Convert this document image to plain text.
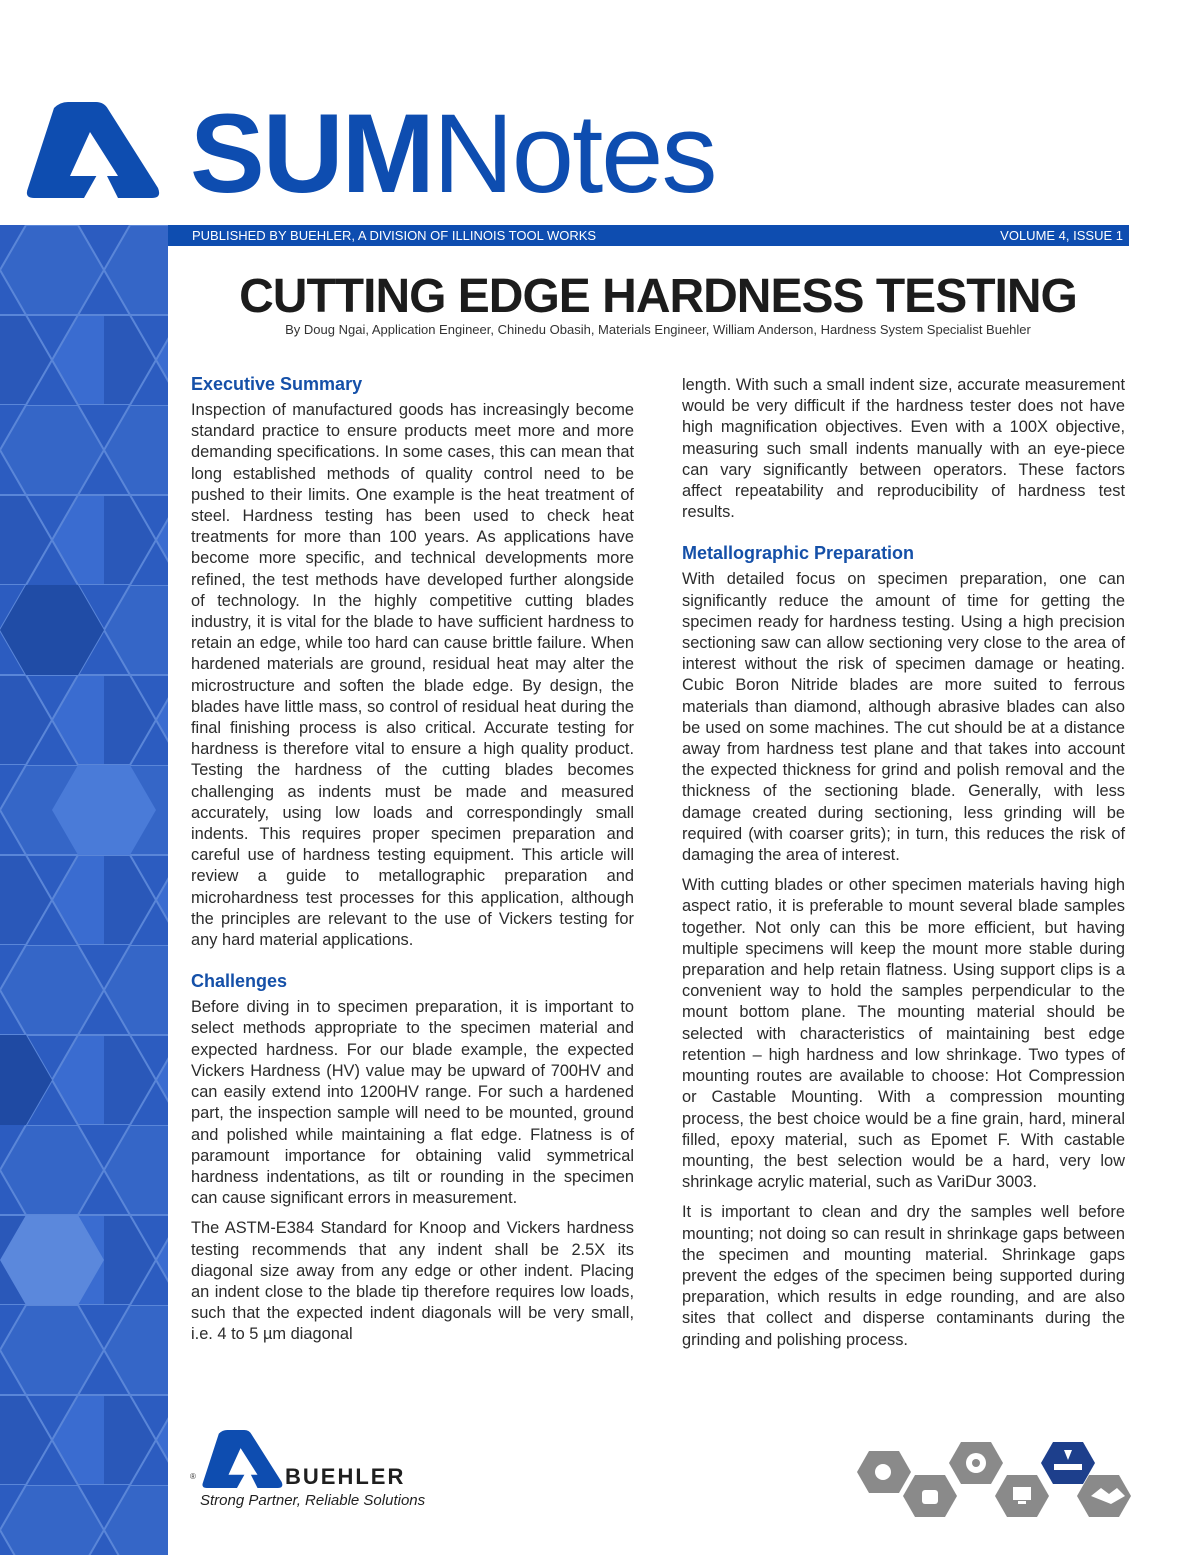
SUMNotes
PUBLISHED BY BUEHLER, A DIVISION OF ILLINOIS TOOL WORKS	VOLUME 4, ISSUE 1
CUTTING EDGE HARDNESS TESTING
By Doug Ngai, Application Engineer, Chinedu Obasih, Materials Engineer, William Anderson, Hardness System Specialist Buehler
Executive Summary

Inspection of manufactured goods has increasingly become standard practice to ensure products meet more and more demanding specifications. In some cases, this can mean that long established methods of quality control need to be pushed to their limits. One example is the heat treatment of steel. Hardness testing has been used to check heat treatments for more than 100 years. As applications have become more specific, and technical developments more refined, the test methods have developed further alongside of technology. In the highly competitive cutting blades industry, it is vital for the blade to have sufficient hardness to retain an edge, while too hard can cause brittle failure. When hardened materials are ground, residual heat may alter the microstructure and soften the blade edge. By design, the blades have little mass, so control of residual heat during the final finishing process is also critical. Accurate testing for hardness is therefore vital to ensure a high quality product. Testing the hardness of the cutting blades becomes challenging as indents must be made and measured accurately, using low loads and correspondingly small indents. This requires proper specimen preparation and careful use of hardness testing equipment. This article will review a guide to metallographic preparation and microhardness test processes for this application, although the principles are relevant to the use of Vickers testing for any hard material applications.

Challenges

Before diving in to specimen preparation, it is important to select methods appropriate to the specimen material and expected hardness. For our blade example, the expected Vickers Hardness (HV) value may be upward of 700HV and can easily extend into 1200HV range. For such a hardened part, the inspection sample will need to be mounted, ground and polished while maintaining a flat edge. Flatness is of paramount importance for obtaining valid symmetrical hardness indentations, as tilt or rounding in the specimen can cause significant errors in measurement.

The ASTM-E384 Standard for Knoop and Vickers hardness testing recommends that any indent shall be 2.5X its diagonal size away from any edge or other indent. Placing an indent close to the blade tip therefore requires low loads, such that the expected indent diagonals will be very small, i.e. 4 to 5 µm diagonal

length. With such a small indent size, accurate measurement would be very difficult if the hardness tester does not have high magnification objectives. Even with a 100X objective, measuring such small indents manually with an eye-piece can vary significantly between operators. These factors affect repeatability and reproducibility of hardness test results.

Metallographic Preparation

With detailed focus on specimen preparation, one can significantly reduce the amount of time for getting the specimen ready for hardness testing. Using a high precision sectioning saw can allow sectioning very close to the area of interest without the risk of specimen damage or heating. Cubic Boron Nitride blades are more suited to ferrous materials than diamond, although abrasive blades can also be used on some machines. The cut should be at a distance away from hardness test plane and that takes into account the expected thickness for grind and polish removal and the thickness of the sectioning blade. Generally, with less damage created during sectioning, less grinding will be required (with coarser grits); in turn, this reduces the risk of damaging the area of interest.

With cutting blades or other specimen materials having high aspect ratio, it is preferable to mount several blade samples together. Not only can this be more efficient, but having multiple specimens will keep the mount more stable during preparation and help retain flatness. Using support clips is a convenient way to hold the samples perpendicular to the mount bottom plane. The mounting material should be selected with characteristics of maintaining best edge retention – high hardness and low shrinkage. Two types of mounting routes are available to choose: Hot Compression or Castable Mounting. With a compression mounting process, the best choice would be a fine grain, hard, mineral filled, epoxy material, such as Epomet F. With castable mounting, the best selection would be a hard, very low shrinkage acrylic material, such as VariDur 3003.

It is important to clean and dry the samples well before mounting; not doing so can result in shrinkage gaps between the specimen and mounting material. Shrinkage gaps prevent the edges of the specimen being supported during preparation, which results in edge rounding, and are also sites that collect and disperse contaminants during the grinding and polishing process.

®	BUEHLER
Strong Partner, Reliable Solutions
